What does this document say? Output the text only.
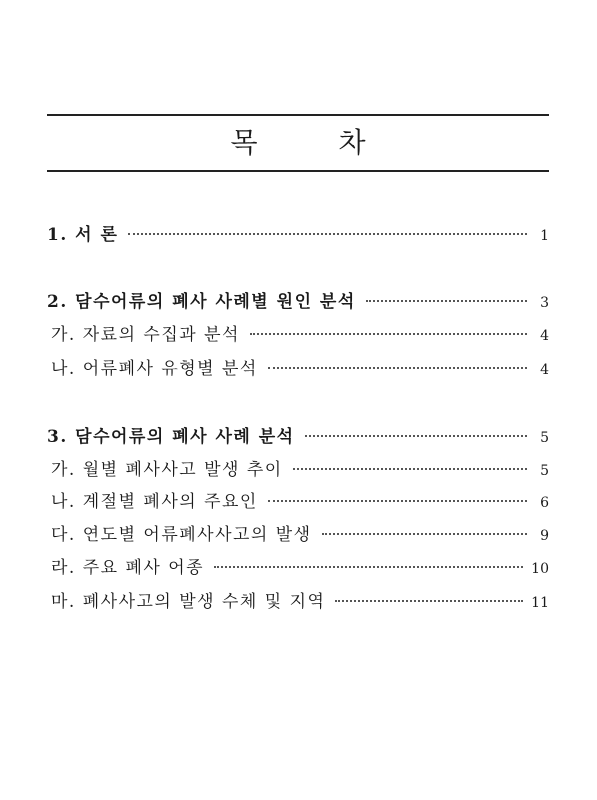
목 차
1. 서 론	1
2. 담수어류의 폐사 사례별 원인 분석	3
가. 자료의 수집과 분석	4
나. 어류폐사 유형별 분석	4
3. 담수어류의 폐사 사례 분석	5
가. 월별 폐사사고 발생 추이	5
나. 계절별 폐사의 주요인	6
다. 연도별 어류폐사사고의 발생	9
라. 주요 폐사 어종	10
마. 폐사사고의 발생 수체 및 지역	11
